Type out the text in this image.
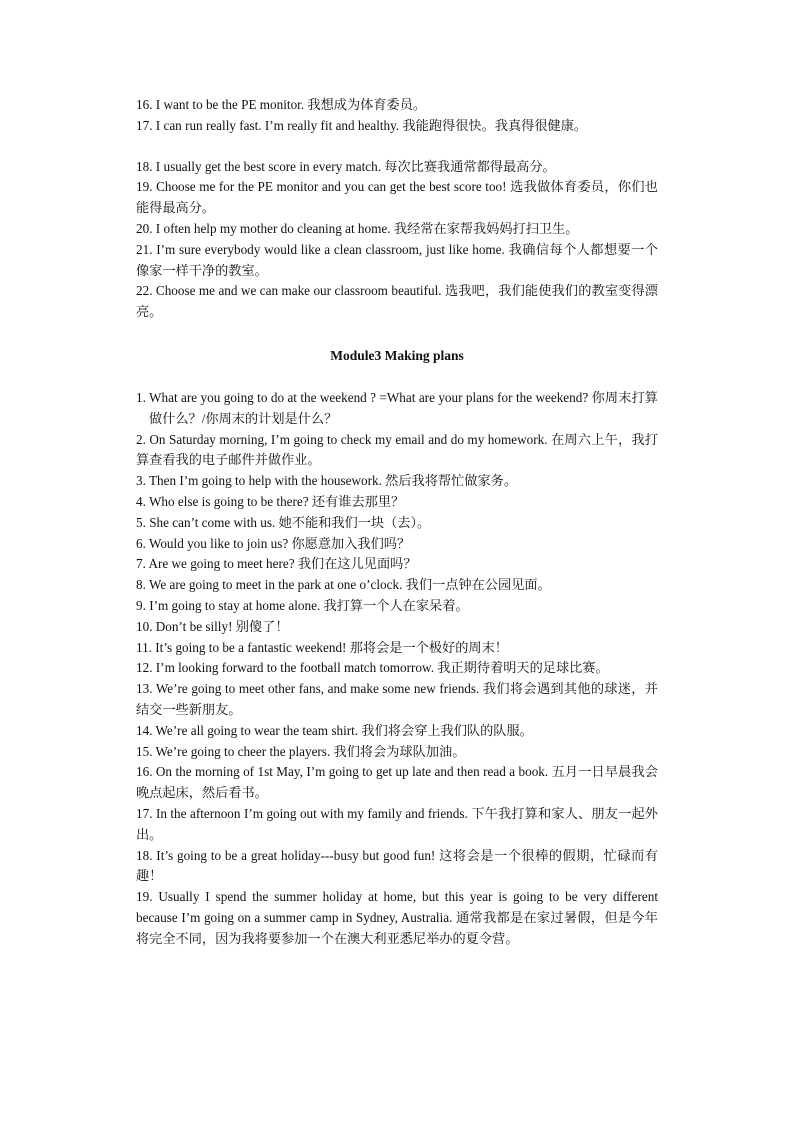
16. I want to be the PE monitor. 我想成为体育委员。

17. I can run really fast. I’m really fit and healthy. 我能跑得很快。我真得很健康。

18. I usually get the best score in every match. 每次比赛我通常都得最高分。

19. Choose me for the PE monitor and you can get the best score too! 选我做体育委员，你们也能得最高分。

20. I often help my mother do cleaning at home. 我经常在家帮我妈妈打扫卫生。

21. I’m sure everybody would like a clean classroom, just like home. 我确信每个人都想要一个像家一样干净的教室。

22. Choose me and we can make our classroom beautiful. 选我吧，我们能使我们的教室变得漂亮。

Module3 Making plans

1. What are you going to do at the weekend ? =What are your plans for the weekend? 你周末打算做什么？/你周末的计划是什么？

2. On Saturday morning, I’m going to check my email and do my homework. 在周六上午，我打算查看我的电子邮件并做作业。

3. Then I’m going to help with the housework. 然后我将帮忙做家务。

4. Who else is going to be there? 还有谁去那里？

5. She can’t come with us. 她不能和我们一块（去）。

6. Would you like to join us? 你愿意加入我们吗？

7. Are we going to meet here? 我们在这儿见面吗？

8. We are going to meet in the park at one o’clock. 我们一点钟在公园见面。

9. I’m going to stay at home alone. 我打算一个人在家呆着。

10. Don’t be silly! 别傻了！

11. It’s going to be a fantastic weekend! 那将会是一个极好的周末！

12. I’m looking forward to the football match tomorrow. 我正期待着明天的足球比赛。

13. We’re going to meet other fans, and make some new friends. 我们将会遇到其他的球迷，并结交一些新朋友。

14. We’re all going to wear the team shirt. 我们将会穿上我们队的队服。

15. We’re going to cheer the players. 我们将会为球队加油。

16. On the morning of 1st May, I’m going to get up late and then read a book. 五月一日早晨我会晚点起床，然后看书。

17. In the afternoon I’m going out with my family and friends. 下午我打算和家人、朋友一起外出。

18. It’s going to be a great holiday---busy but good fun! 这将会是一个很棒的假期，忙碌而有趣！

19. Usually I spend the summer holiday at home, but this year is going to be very different because I’m going on a summer camp in Sydney, Australia. 通常我都是在家过暑假，但是今年将完全不同，因为我将要参加一个在澳大利亚悉尼举办的夏令营。
